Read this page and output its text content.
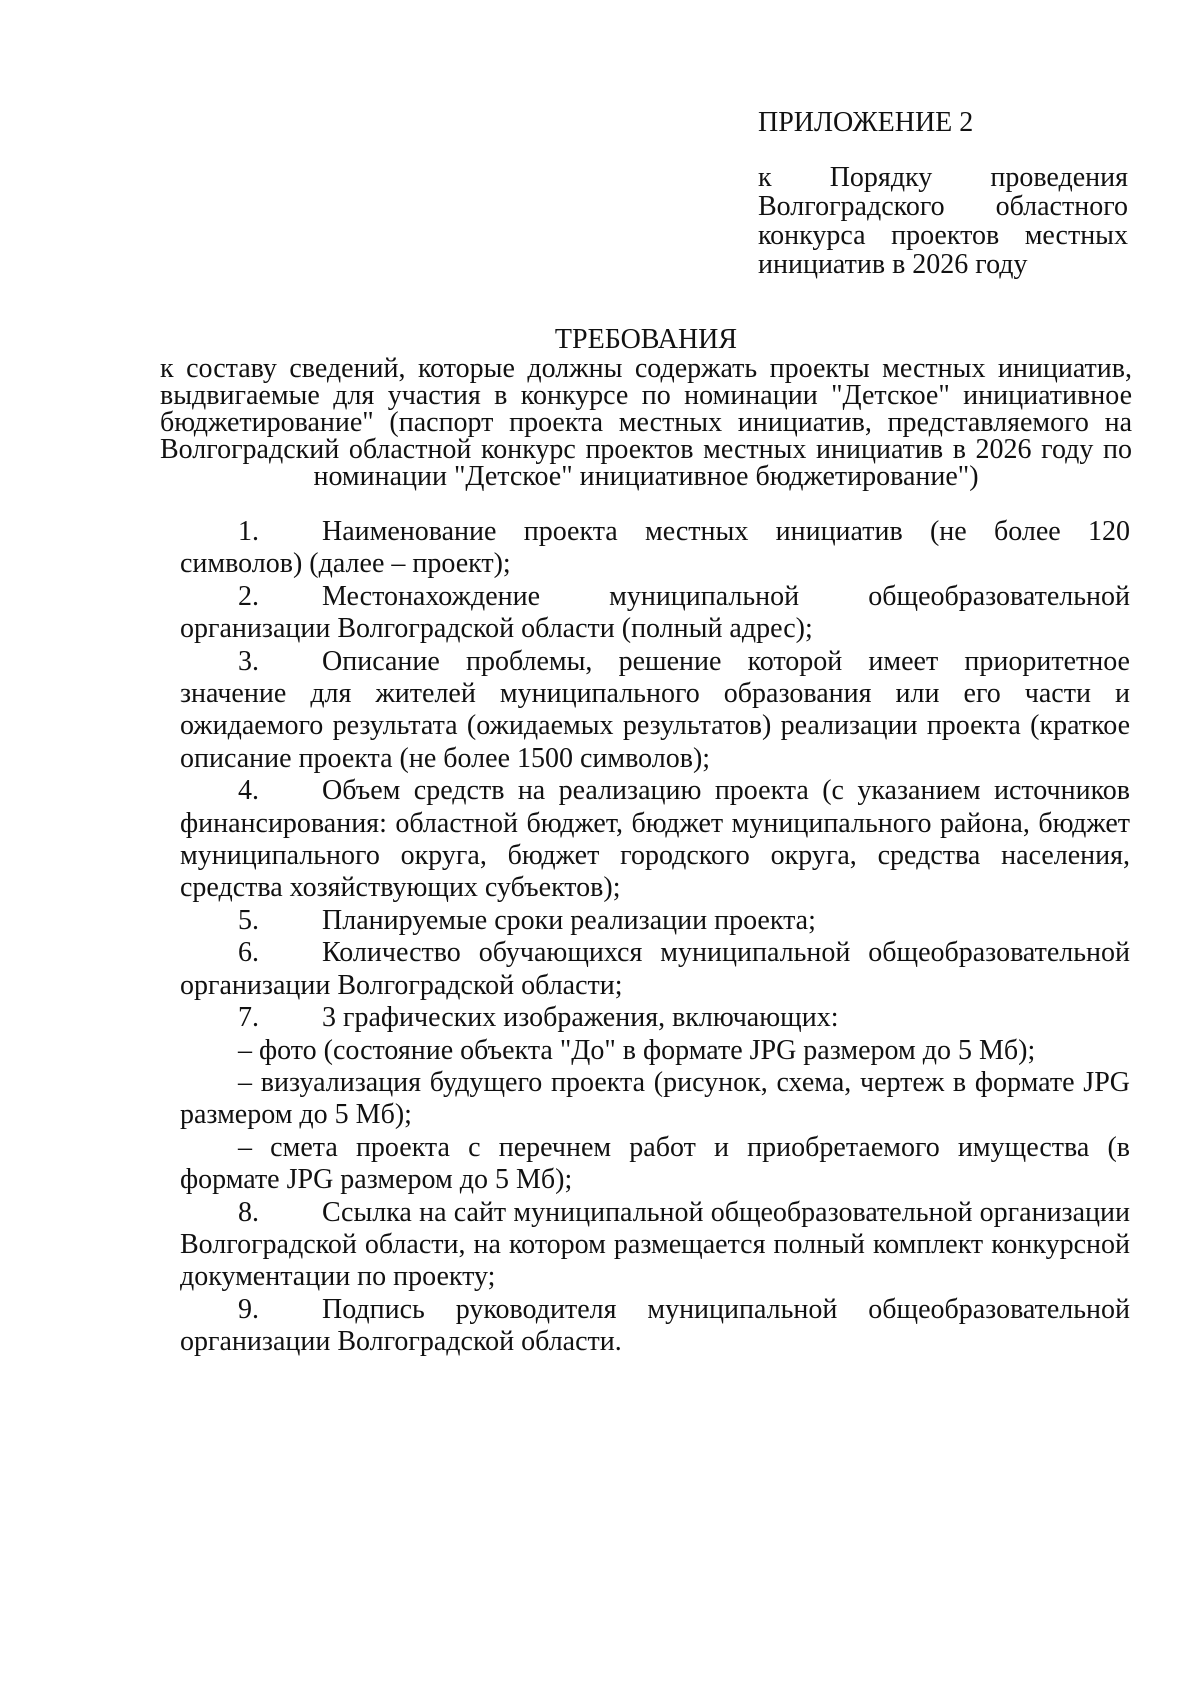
ПРИЛОЖЕНИЕ 2

к Порядку проведения Волгоградского областного конкурса проектов местных инициатив в 2026 году

ТРЕБОВАНИЯ

к составу сведений, которые должны содержать проекты местных инициатив, выдвигаемые для участия в конкурсе по номинации "Детское" инициативное бюджетирование" (паспорт проекта местных инициатив, представляемого на Волгоградский областной конкурс проектов местных инициатив в 2026 году по номинации "Детское" инициативное бюджетирование")

1. Наименование проекта местных инициатив (не более 120 символов) (далее – проект);

2. Местонахождение муниципальной общеобразовательной организации Волгоградской области (полный адрес);

3. Описание проблемы, решение которой имеет приоритетное значение для жителей муниципального образования или его части и ожидаемого результата (ожидаемых результатов) реализации проекта (краткое описание проекта (не более 1500 символов);

4. Объем средств на реализацию проекта (с указанием источников финансирования: областной бюджет, бюджет муниципального района, бюджет муниципального округа, бюджет городского округа, средства населения, средства хозяйствующих субъектов);

5. Планируемые сроки реализации проекта;

6. Количество обучающихся муниципальной общеобразовательной организации Волгоградской области;

7. 3 графических изображения, включающих:

– фото (состояние объекта "До" в формате JPG размером до 5 Мб);

– визуализация будущего проекта (рисунок, схема, чертеж в формате JPG размером до 5 Мб);

– смета проекта с перечнем работ и приобретаемого имущества (в формате JPG размером до 5 Мб);

8. Ссылка на сайт муниципальной общеобразовательной организации Волгоградской области, на котором размещается полный комплект конкурсной документации по проекту;

9. Подпись руководителя муниципальной общеобразовательной организации Волгоградской области.
